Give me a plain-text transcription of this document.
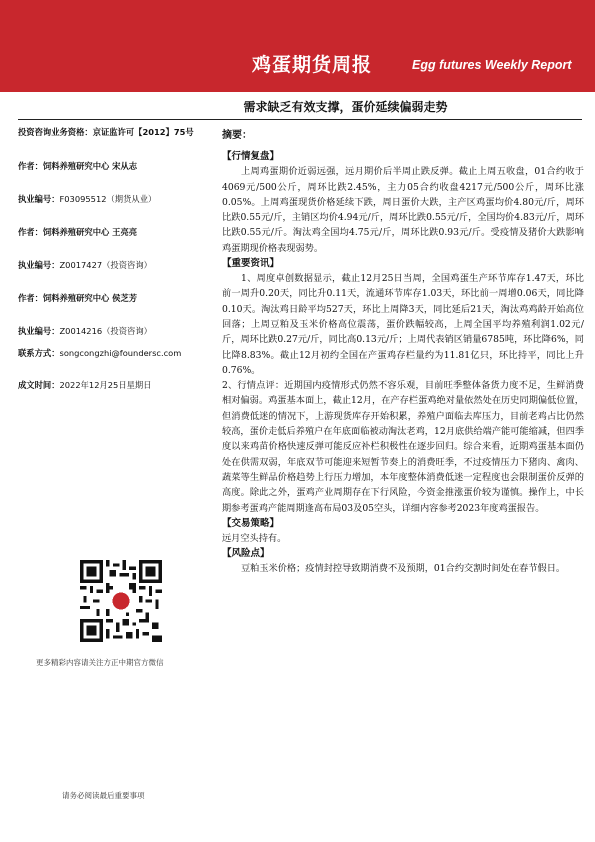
鸡蛋期货周报	Egg futures Weekly Report
需求缺乏有效支撑，蛋价延续偏弱走势
投资咨询业务资格：京证监许可【2012】75号
作者：饲料养殖研究中心 宋从志
执业编号：F03095512（期货从业）
作者：饲料养殖研究中心 王亮亮
执业编号：Z0017427（投资咨询）
作者：饲料养殖研究中心 侯芝芳
执业编号：Z0014216（投资咨询）
联系方式：songcongzhi@foundersc.com
成文时间：2022年12月25日星期日
更多精彩内容请关注方正中期官方微信
请务必阅读最后重要事项
摘要：
【行情复盘】

上周鸡蛋期价近弱远强，远月期价后半周止跌反弹。截止上周五收盘，01合约收于4069元/500公斤，周环比跌2.45%，主力05合约收盘4217元/500公斤，周环比涨0.05%。上周鸡蛋现货价格延续下跌，周日蛋价大跌，主产区鸡蛋均价4.80元/斤，周环比跌0.55元/斤，主销区均价4.94元/斤，周环比跌0.55元/斤，全国均价4.83元/斤，周环比跌0.55元/斤。淘汰鸡全国均4.75元/斤，周环比跌0.93元/斤。受疫情及猪价大跌影响鸡蛋期现价格表现弱势。

【重要资讯】

1、周度卓创数据显示，截止12月25日当周，全国鸡蛋生产环节库存1.47天，环比前一周升0.20天，同比升0.11天，流通环节库存1.03天，环比前一周增0.06天，同比降0.10天。淘汰鸡日龄平均527天，环比上周降3天，同比延后21天，淘汰鸡鸡龄开始高位回落；上周豆粕及玉米价格高位震荡，蛋价跌幅较高，上周全国平均养殖利润1.02元/斤，周环比跌0.27元/斤，同比高0.13元/斤；上周代表销区销量6785吨，环比降6%，同比降8.83%。截止12月初约全国在产蛋鸡存栏量约为11.81亿只，环比持平，同比上升0.76%。

2、行情点评：近期国内疫情形式仍然不容乐观，目前旺季整体备货力度不足，生鲜消费相对偏弱。鸡蛋基本面上，截止12月，在产存栏蛋鸡绝对量依然处在历史同期偏低位置，但消费低迷的情况下，上游现货库存开始积累，养殖户面临去库压力，目前老鸡占比仍然较高，蛋价走低后养殖户在年底面临被动淘汰老鸡，12月底供给端产能可能缩减，但四季度以来鸡苗价格快速反弹可能反应补栏积极性在逐步回归。综合来看，近期鸡蛋基本面仍处在供需双弱，年底双节可能迎来短暂节奏上的消费旺季，不过疫情压力下猪肉、禽肉、蔬菜等生鲜品价格趋势上行压力增加，本年度整体消费低迷一定程度也会限制蛋价反弹的高度。除此之外，蛋鸡产业周期存在下行风险，今资金推涨蛋价较为谨慎。操作上，中长期参考蛋鸡产能周期逢高布局03及05空头，详细内容参考2023年度鸡蛋报告。

【交易策略】

远月空头持有。

【风险点】

豆粕玉米价格；疫情封控导致期消费不及预期，01合约交割时间处在春节假日。
